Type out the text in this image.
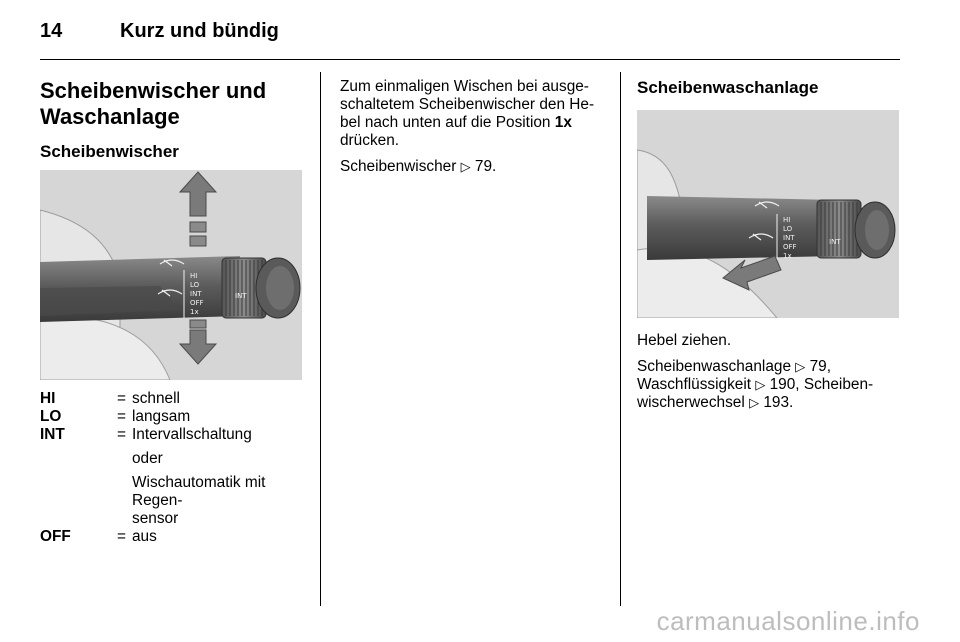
14	Kurz und bündig
Scheibenwischer und
Waschanlage
Scheibenwischer
HI
LO
INT
OFF
1x
INT
HI	= schnell
LO	= langsam
INT	= Intervallschaltung
oder
Wischautomatik mit Regen-
sensor
OFF	= aus

Zum einmaligen Wischen bei ausge-
schaltetem Scheibenwischer den He-
bel nach unten auf die Position 1x
drücken.

Scheibenwischer ▷ 79.

Scheibenwaschanlage
HI
LO
INT
OFF
1x
INT

Hebel ziehen.

Scheibenwaschanlage ▷ 79,
Waschflüssigkeit ▷ 190, Scheiben-
wischerwechsel ▷ 193.

carmanualsonline.info
